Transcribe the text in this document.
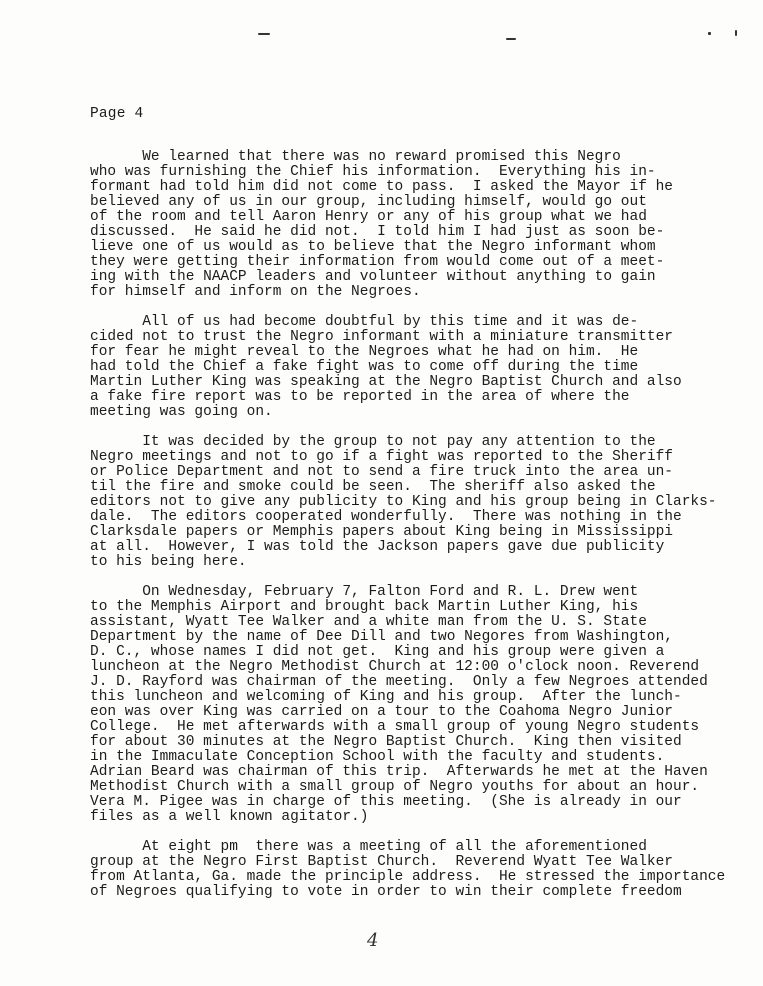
Page 4
We learned that there was no reward promised this Negro
who was furnishing the Chief his information.  Everything his in-
formant had told him did not come to pass.  I asked the Mayor if he
believed any of us in our group, including himself, would go out
of the room and tell Aaron Henry or any of his group what we had
discussed.  He said he did not.  I told him I had just as soon be-
lieve one of us would as to believe that the Negro informant whom
they were getting their information from would come out of a meet-
ing with the NAACP leaders and volunteer without anything to gain
for himself and inform on the Negroes.
All of us had become doubtful by this time and it was de-
cided not to trust the Negro informant with a miniature transmitter
for fear he might reveal to the Negroes what he had on him.  He
had told the Chief a fake fight was to come off during the time
Martin Luther King was speaking at the Negro Baptist Church and also
a fake fire report was to be reported in the area of where the
meeting was going on.
It was decided by the group to not pay any attention to the
Negro meetings and not to go if a fight was reported to the Sheriff
or Police Department and not to send a fire truck into the area un-
til the fire and smoke could be seen.  The sheriff also asked the
editors not to give any publicity to King and his group being in Clarks-
dale.  The editors cooperated wonderfully.  There was nothing in the
Clarksdale papers or Memphis papers about King being in Mississippi
at all.  However, I was told the Jackson papers gave due publicity
to his being here.
On Wednesday, February 7, Falton Ford and R. L. Drew went
to the Memphis Airport and brought back Martin Luther King, his
assistant, Wyatt Tee Walker and a white man from the U. S. State
Department by the name of Dee Dill and two Negores from Washington,
D. C., whose names I did not get.  King and his group were given a
luncheon at the Negro Methodist Church at 12:00 o'clock noon. Reverend
J. D. Rayford was chairman of the meeting.  Only a few Negroes attended
this luncheon and welcoming of King and his group.  After the lunch-
eon was over King was carried on a tour to the Coahoma Negro Junior
College.  He met afterwards with a small group of young Negro students
for about 30 minutes at the Negro Baptist Church.  King then visited
in the Immaculate Conception School with the faculty and students.
Adrian Beard was chairman of this trip.  Afterwards he met at the Haven
Methodist Church with a small group of Negro youths for about an hour.
Vera M. Pigee was in charge of this meeting.  (She is already in our
files as a well known agitator.)
At eight pm  there was a meeting of all the aforementioned
group at the Negro First Baptist Church.  Reverend Wyatt Tee Walker
from Atlanta, Ga. made the principle address.  He stressed the importance
of Negroes qualifying to vote in order to win their complete freedom
4
